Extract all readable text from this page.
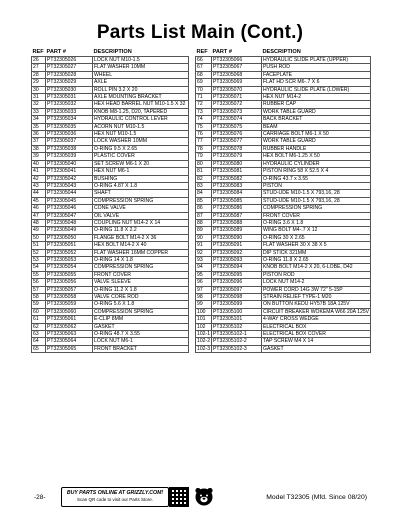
Parts List Main (Cont.)
REF	PART #	DESCRIPTION
26	PT32305026	LOCK NUT M10-1.5
27	PT32305027	FLAT WASHER 10MM
28	PT32305028	WHEEL
29	PT32305029	AXLE
30	PT32305030	ROLL PIN 3.2 X 20
31	PT32305031	AXLE MOUNTING BRACKET
32	PT32305032	HEX HEAD BARREL NUT M10-1.5 X 32
33	PT32305033	KNOB M8-1.25, D20, TAPERED
34	PT32305034	HYDRAULIC CONTROL LEVER
35	PT32305035	ACORN NUT M10-1.5
36	PT32305036	HEX NUT M10-1.5
37	PT32305037	LOCK WASHER 10MM
38	PT32305038	O-RING 9.5 X 2.65
39	PT32305039	PLASTIC COVER
40	PT32305040	SET SCREW M6-1 X 20
41	PT32305041	HEX NUT M6-1
42	PT32305042	BUSHING
43	PT32305043	O-RING 4.87 X 1.8
44	PT32305044	SHAFT
45	PT32305045	COMPRESSION SPRING
46	PT32305046	CONE VALVE
47	PT32305047	OIL VALVE
48	PT32305048	COUPLING NUT M14-2 X 14
49	PT32305049	O-RING 11.8 X 2.2
50	PT32305050	FLANGE BOLT M14-2 X 36
51	PT32305051	HEX BOLT M14-2 X 40
52	PT32305052	FLAT WASHER 16MM COPPER
53	PT32305053	O-RING 14 X 1.8
54	PT32305054	COMPRESSION SPRING
55	PT32305055	FRONT COVER
56	PT32305056	VALVE SLEEVE
57	PT32305057	O-RING 11.2 X 1.8
58	PT32305058	VALVE CORE ROD
59	PT32305059	O-RING 5.6 X 1.8
60	PT32305060	COMPRESSION SPRING
61	PT32305061	E-CLIP 8MM
62	PT32305062	GASKET
63	PT32305063	O-RING 48.7 X 3.55
64	PT32305064	LOCK NUT M6-1
65	PT32305065	FRONT BRACKET
REF	PART #	DESCRIPTION
66	PT32305066	HYDRAULIC SLIDE PLATE (UPPER)
67	PT32305067	PUSH ROD
68	PT32305068	FACEPLATE
69	PT32305069	FLAT HD SCR M6-.7 X 6
70	PT32305070	HYDRAULIC SLIDE PLATE (LOWER)
71	PT32305071	HEX NUT M14-2
72	PT32305072	RUBBER CAP
73	PT32305073	WORK TABLE GUARD
74	PT32305074	BACK BRACKET
75	PT32305075	BEAM
76	PT32305076	CARRIAGE BOLT M6-1 X 50
77	PT32305077	WORK TABLE GUARD
78	PT32305078	RUBBER HANDLE
79	PT32305079	HEX BOLT M6-1.25 X 50
80	PT32305080	HYDRAULIC CYLINDER
81	PT32305081	PISTON RING 58 X 52.5 X 4
82	PT32305082	O-RING 43.7 x 3.55
83	PT32305083	PISTON
84	PT32305084	STUD-UDE M10-1.5 X 793,16, 28
85	PT32305085	STUD-UDE M10-1.5 X 793,16, 28
86	PT32305086	COMPRESSION SPRING
87	PT32305087	FRONT COVER
88	PT32305088	O-RING 3.6 X 1.8
89	PT32305089	WING BOLT M4-.7 X 12
90	PT32305090	O-RING 30 X 2.65
91	PT32305091	FLAT WASHER 30 X 38 X 5
92	PT32305092	DIP STICK 321MM
93	PT32305093	O-RING 11.8 X 2.65
94	PT32305094	KNOB BOLT M14-2 X 20, 6-LOBE, D42
95	PT32305095	PISTON ROD
96	PT32305096	LOCK NUT M14-2
97	PT32305097	POWER CORD 14G 3W 72" 5-15P
98	PT32305098	STRAIN RELIEF TYPE-1 M20
99	PT32305099	ON BUTTON KEDU HY57B 18A 125V
100	PT32305100	CIRCUIT BREAKER WOKEMA W66 20A 125V
101	PT32305101	4-WAY CROSS WEDGE
102	PT32305102	ELECTRICAL BOX
102-1	PT32305102-1	ELECTRICAL BOX COVER
102-2	PT32305102-2	TAP SCREW M4 X 14
102-3	PT32305102-3	GASKET
-28-
BUY PARTS ONLINE AT GRIZZLY.COM!
Scan QR code to visit our Parts Store.	Model T32305 (Mfd. Since 08/20)
